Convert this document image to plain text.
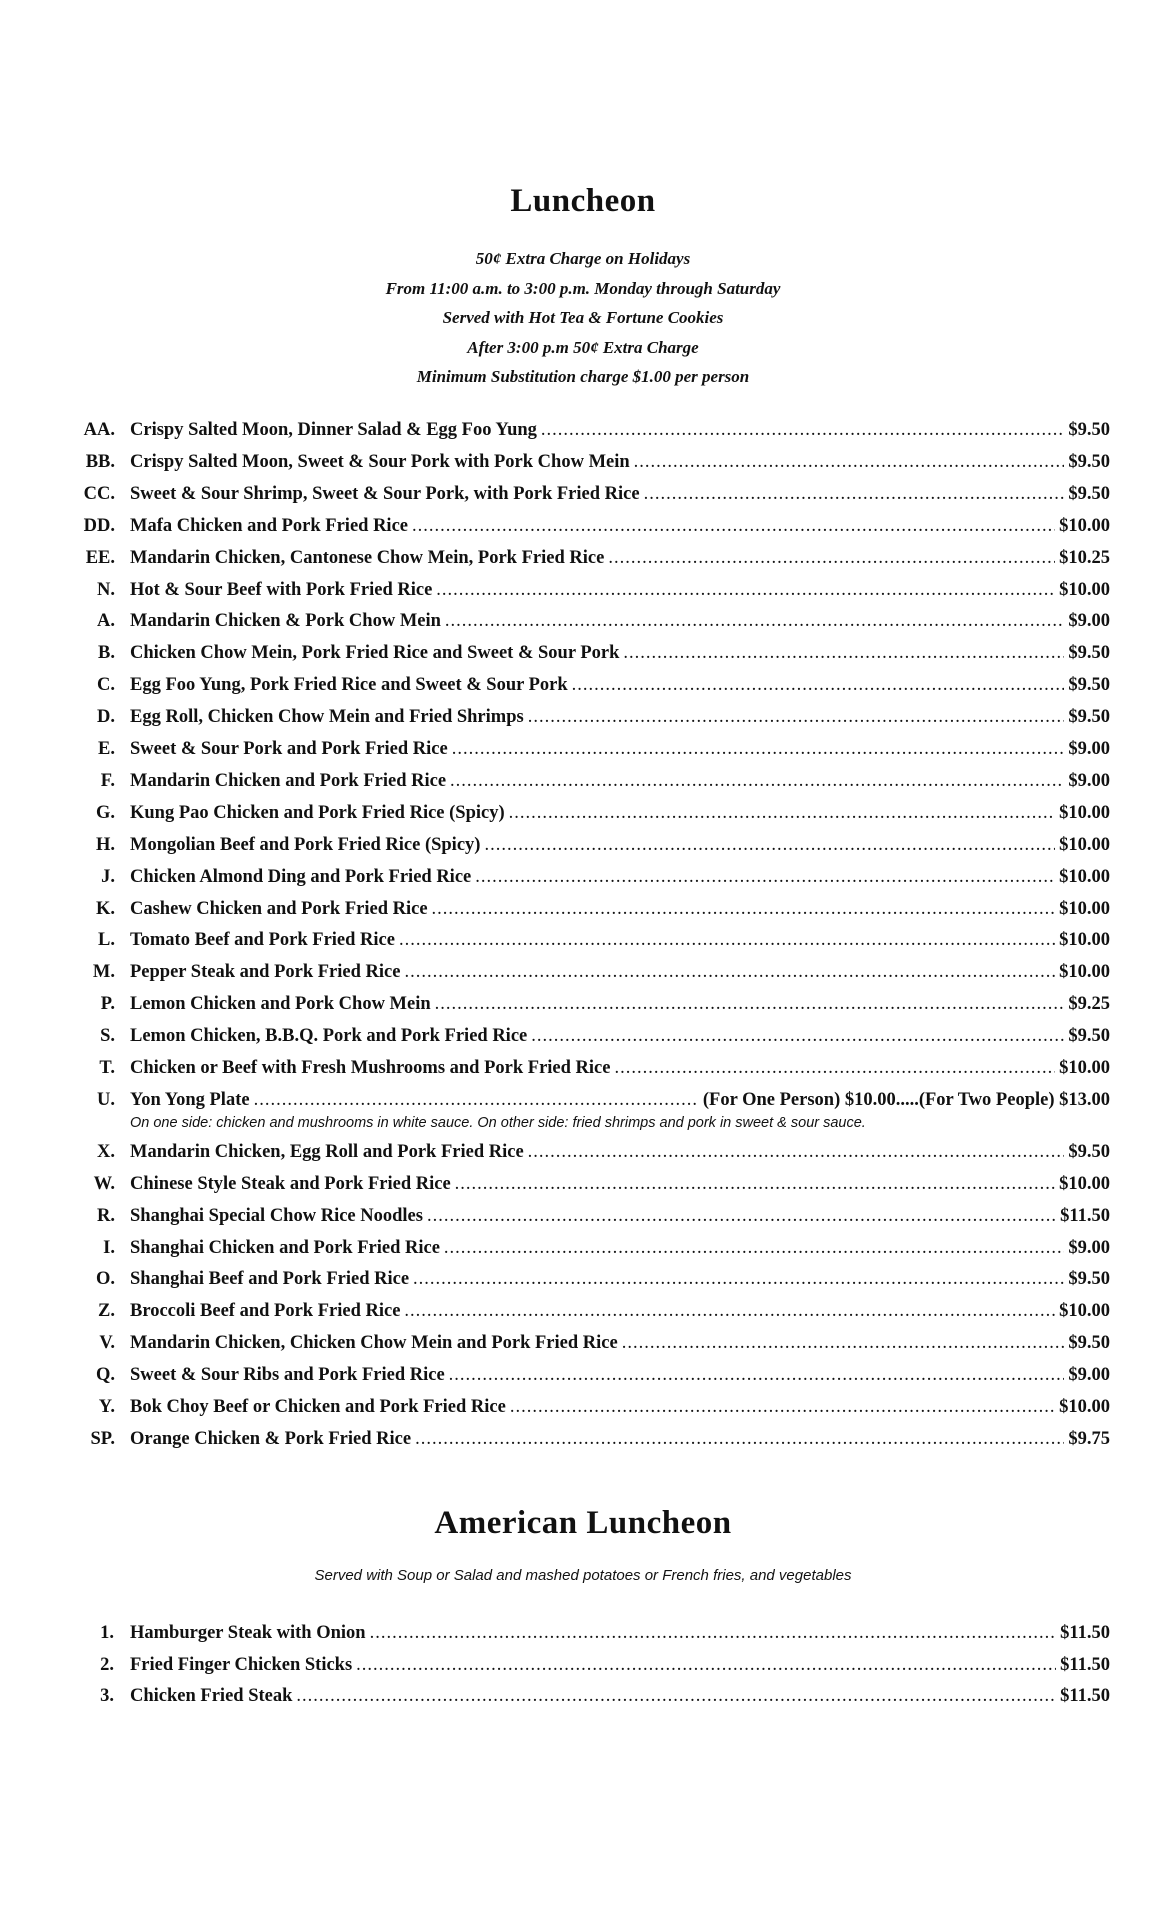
Luncheon
50¢ Extra Charge on Holidays
From 11:00 a.m. to 3:00 p.m. Monday through Saturday
Served with Hot Tea & Fortune Cookies
After 3:00 p.m 50¢ Extra Charge
Minimum Substitution charge $1.00 per person
AA. Crispy Salted Moon, Dinner Salad & Egg Foo Yung .....	$9.50
BB. Crispy Salted Moon, Sweet & Sour Pork with Pork Chow Mein .....	$9.50
CC. Sweet & Sour Shrimp, Sweet & Sour Pork, with Pork Fried Rice .....	$9.50
DD. Mafa Chicken and Pork Fried Rice .....	$10.00
EE. Mandarin Chicken, Cantonese Chow Mein, Pork Fried Rice .....	$10.25
N. Hot & Sour Beef with Pork Fried Rice .....	$10.00
A. Mandarin Chicken & Pork Chow Mein .....	$9.00
B. Chicken Chow Mein, Pork Fried Rice and Sweet & Sour Pork .....	$9.50
C. Egg Foo Yung, Pork Fried Rice and Sweet & Sour Pork .....	$9.50
D. Egg Roll, Chicken Chow Mein and Fried Shrimps .....	$9.50
E. Sweet & Sour Pork and Pork Fried Rice .....	$9.00
F. Mandarin Chicken and Pork Fried Rice .....	$9.00
G. Kung Pao Chicken and Pork Fried Rice (Spicy) .....	$10.00
H. Mongolian Beef and Pork Fried Rice (Spicy) .....	$10.00
J. Chicken Almond Ding and Pork Fried Rice .....	$10.00
K. Cashew Chicken and Pork Fried Rice .....	$10.00
L. Tomato Beef and Pork Fried Rice .....	$10.00
M. Pepper Steak and Pork Fried Rice .....	$10.00
P. Lemon Chicken and Pork Chow Mein .....	$9.25
S. Lemon Chicken, B.B.Q. Pork and Pork Fried Rice .....	$9.50
T. Chicken or Beef with Fresh Mushrooms and Pork Fried Rice .....	$10.00
U. Yon Yong Plate .....	(For One Person) $10.00.....(For Two People) $13.00
On one side: chicken and mushrooms in white sauce. On other side: fried shrimps and pork in sweet & sour sauce.
X. Mandarin Chicken, Egg Roll and Pork Fried Rice .....	$9.50
W. Chinese Style Steak and Pork Fried Rice .....	$10.00
R. Shanghai Special Chow Rice Noodles .....	$11.50
I. Shanghai Chicken and Pork Fried Rice .....	$9.00
O. Shanghai Beef and Pork Fried Rice .....	$9.50
Z. Broccoli Beef and Pork Fried Rice .....	$10.00
V. Mandarin Chicken, Chicken Chow Mein and Pork Fried Rice .....	$9.50
Q. Sweet & Sour Ribs and Pork Fried Rice .....	$9.00
Y. Bok Choy Beef or Chicken and Pork Fried Rice .....	$10.00
SP. Orange Chicken & Pork Fried Rice .....	$9.75
American Luncheon
Served with Soup or Salad and mashed potatoes or French fries, and vegetables
1. Hamburger Steak with Onion .....	$11.50
2. Fried Finger Chicken Sticks .....	$11.50
3. Chicken Fried Steak .....	$11.50
